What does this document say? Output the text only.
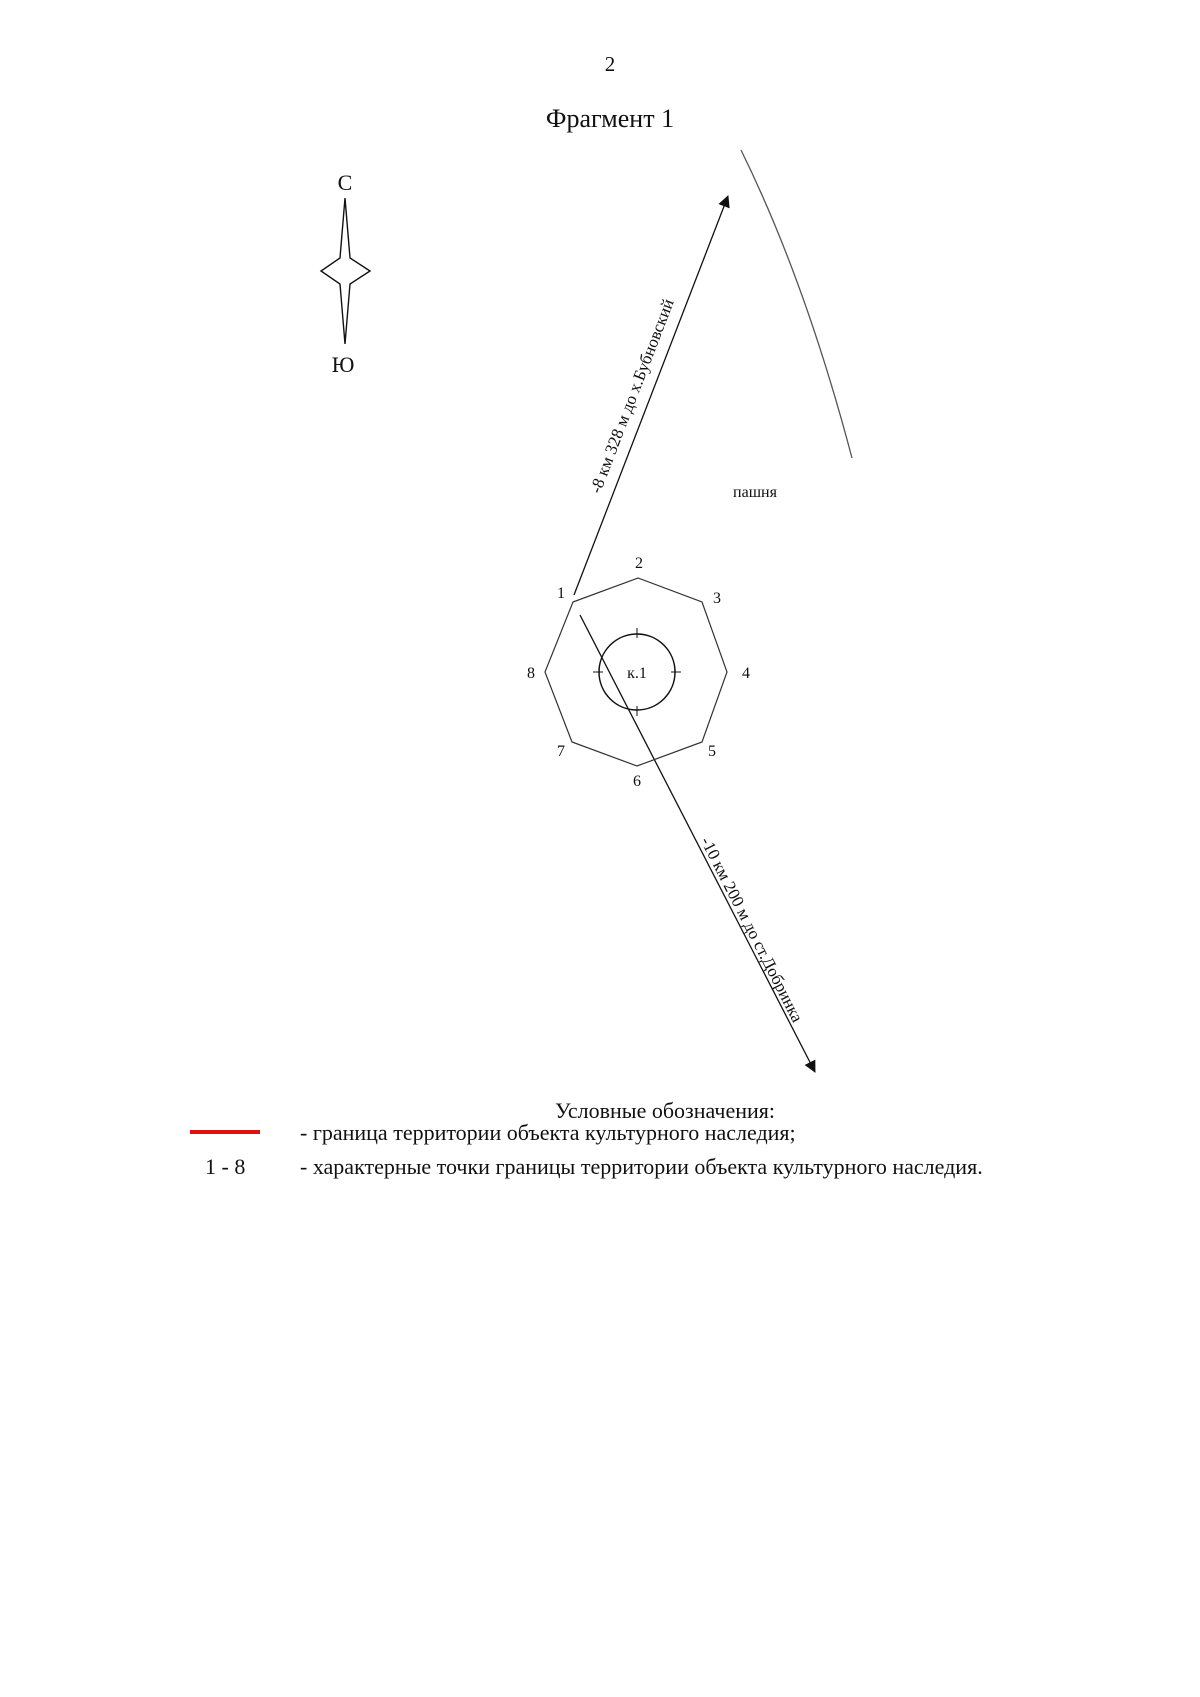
2
Фрагмент 1
С
Ю
пашня
-8 км 328 м до х.Бубновский
-10 км 200 м до ст.Добринка
к.1
1
2
3
4
5
6
7
8
Условные обозначения:
- граница территории объекта культурного наследия;
1 - 8 - характерные точки границы территории объекта культурного наследия.
